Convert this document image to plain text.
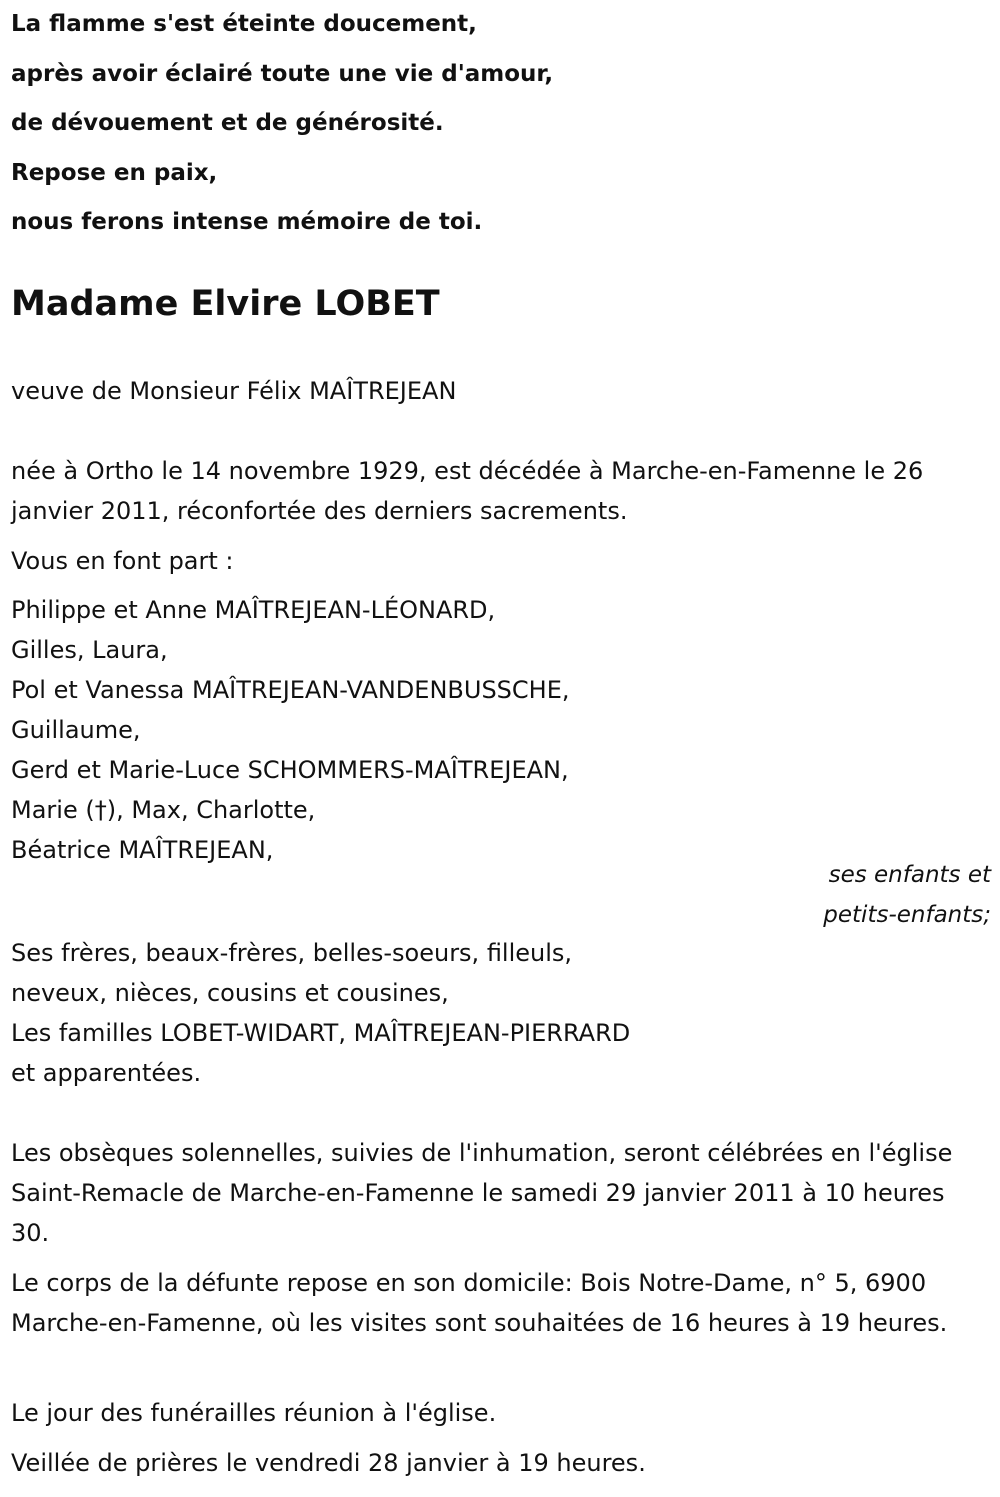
La flamme s'est éteinte doucement,
après avoir éclairé toute une vie d'amour,
de dévouement et de générosité.
Repose en paix,
nous ferons intense mémoire de toi.
Madame Elvire LOBET
veuve de Monsieur Félix MAÎTREJEAN
née à Ortho le 14 novembre 1929, est décédée à Marche-en-Famenne le 26 janvier 2011, réconfortée des derniers sacrements.
Vous en font part :
Philippe et Anne MAÎTREJEAN-LÉONARD,
Gilles, Laura,
Pol et Vanessa MAÎTREJEAN-VANDENBUSSCHE,
Guillaume,
Gerd et Marie-Luce SCHOMMERS-MAÎTREJEAN,
Marie (†), Max, Charlotte,
Béatrice MAÎTREJEAN,
ses enfants et
petits-enfants;
Ses frères, beaux-frères, belles-soeurs, filleuls,
neveux, nièces, cousins et cousines,
Les familles LOBET-WIDART, MAÎTREJEAN-PIERRARD
et apparentées.
Les obsèques solennelles, suivies de l'inhumation, seront célébrées en l'église Saint-Remacle de Marche-en-Famenne le samedi 29 janvier 2011 à 10 heures 30.
Le corps de la défunte repose en son domicile: Bois Notre-Dame, n° 5, 6900 Marche-en-Famenne, où les visites sont souhaitées de 16 heures à 19 heures.
Le jour des funérailles réunion à l'église.
Veillée de prières le vendredi 28 janvier à 19 heures.
